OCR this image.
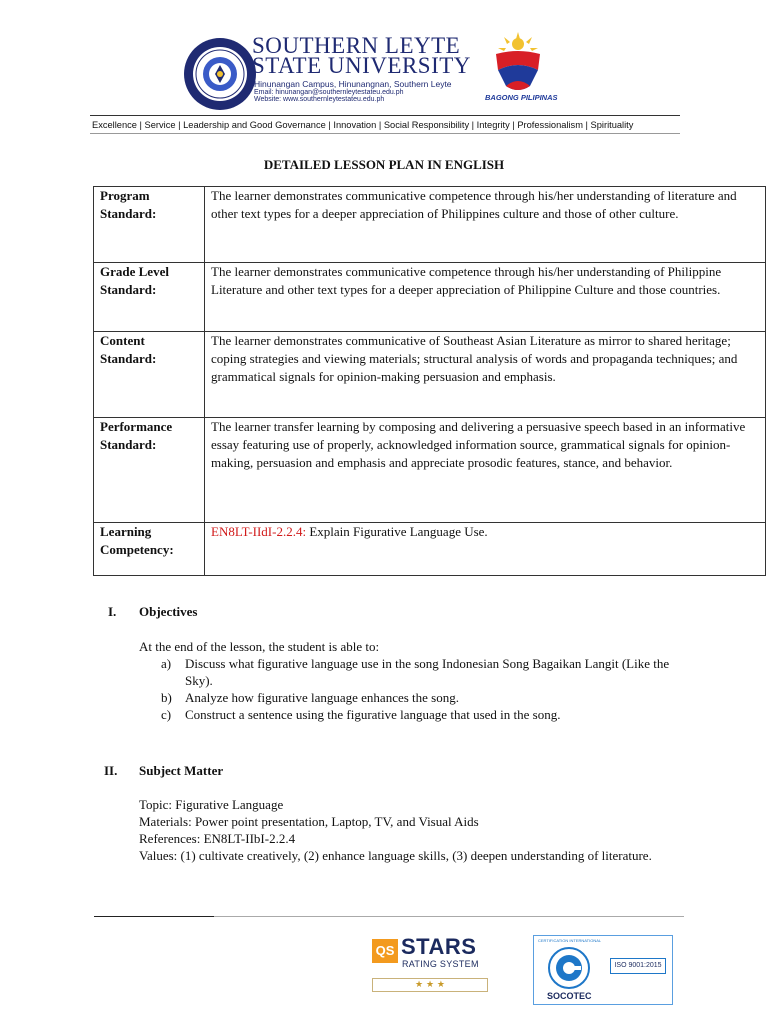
SOUTHERN LEYTE
STATE UNIVERSITY
Hinunangan Campus, Hinunangnan, Southern Leyte
Email: hinunangan@southernleytestateu.edu.ph
Website: www.southernleytestateu.edu.ph	BAGONG PILIPINAS
Excellence | Service | Leadership and Good Governance | Innovation | Social Responsibility | Integrity | Professionalism | Spirituality
DETAILED LESSON PLAN IN ENGLISH
Program
Standard:	The learner demonstrates communicative competence through his/her understanding of literature and other text types for a deeper appreciation of Philippines culture and those of other culture.

Grade Level
Standard:	The learner demonstrates communicative competence through his/her understanding of Philippine Literature and other text types for a deeper appreciation of Philippine Culture and those countries.

Content
Standard:	The learner demonstrates communicative of Southeast Asian Literature as mirror to shared heritage; coping strategies and viewing materials; structural analysis of words and propaganda techniques; and grammatical signals for opinion-making persuasion and emphasis.

Performance
Standard:	The learner transfer learning by composing and delivering a persuasive speech based in an informative essay featuring use of properly, acknowledged information source, grammatical signals for opinion-making, persuasion and emphasis and appreciate prosodic features, stance, and behavior.

Learning
Competency:	EN8LT-IIdI-2.2.4: Explain Figurative Language Use.
I. Objectives
At the end of the lesson, the student is able to:
a) Discuss what figurative language use in the song Indonesian Song Bagaikan Langit (Like the Sky).
b) Analyze how figurative language enhances the song.
c) Construct a sentence using the figurative language that used in the song.
II. Subject Matter
Topic: Figurative Language
Materials: Power point presentation, Laptop, TV, and Visual Aids
References: EN8LT-IIbI-2.2.4
Values: (1) cultivate creatively, (2) enhance language skills, (3) deepen understanding of literature.
QS STARS
RATING SYSTEM
★ ★ ★
CERTIFICATION INTERNATIONAL
SOCOTEC
ISO 9001:2015
